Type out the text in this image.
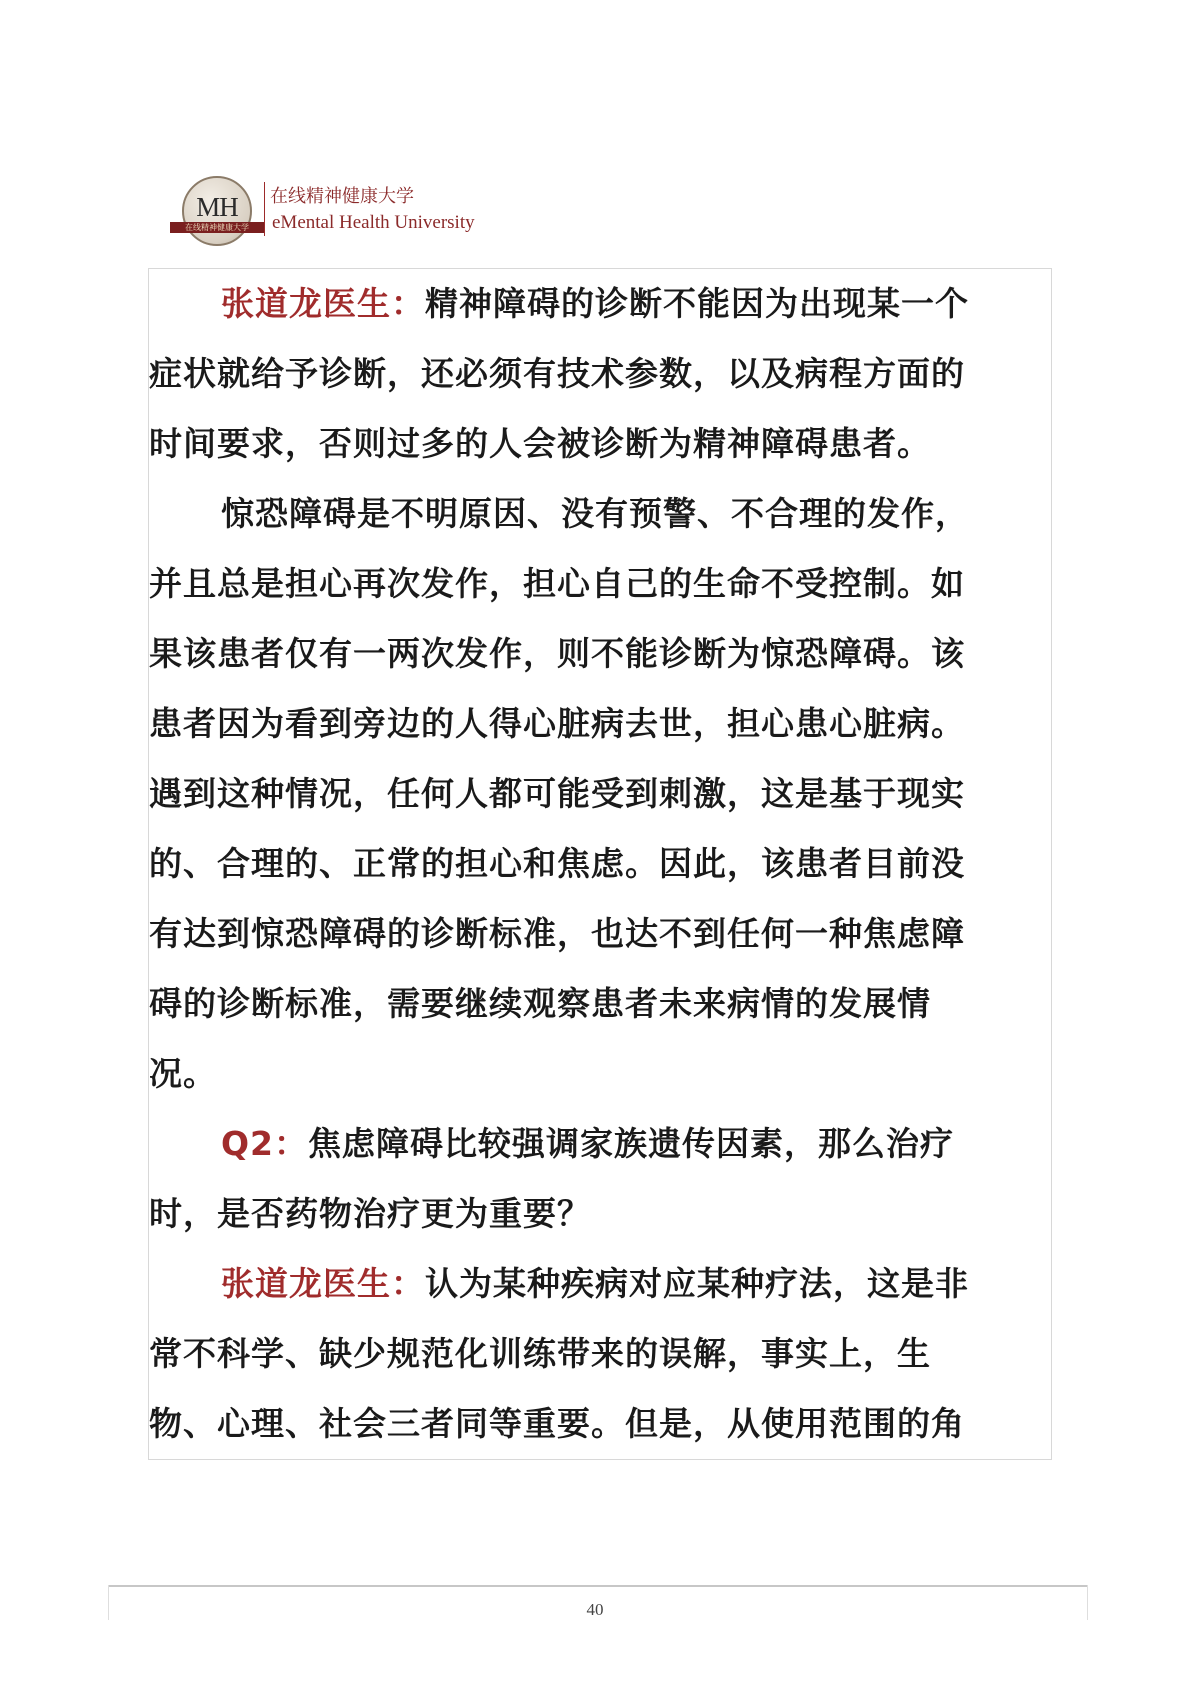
MH
在线精神健康大学
在线精神健康大学
eMental Health University

张道龙医生：精神障碍的诊断不能因为出现某一个

症状就给予诊断，还必须有技术参数，以及病程方面的

时间要求，否则过多的人会被诊断为精神障碍患者。

惊恐障碍是不明原因、没有预警、不合理的发作，

并且总是担心再次发作，担心自己的生命不受控制。如

果该患者仅有一两次发作，则不能诊断为惊恐障碍。该

患者因为看到旁边的人得心脏病去世，担心患心脏病。

遇到这种情况，任何人都可能受到刺激，这是基于现实

的、合理的、正常的担心和焦虑。因此，该患者目前没

有达到惊恐障碍的诊断标准，也达不到任何一种焦虑障

碍的诊断标准，需要继续观察患者未来病情的发展情

况。

Q2：焦虑障碍比较强调家族遗传因素，那么治疗

时，是否药物治疗更为重要？

张道龙医生：认为某种疾病对应某种疗法，这是非

常不科学、缺少规范化训练带来的误解，事实上，生

物、心理、社会三者同等重要。但是，从使用范围的角

40
